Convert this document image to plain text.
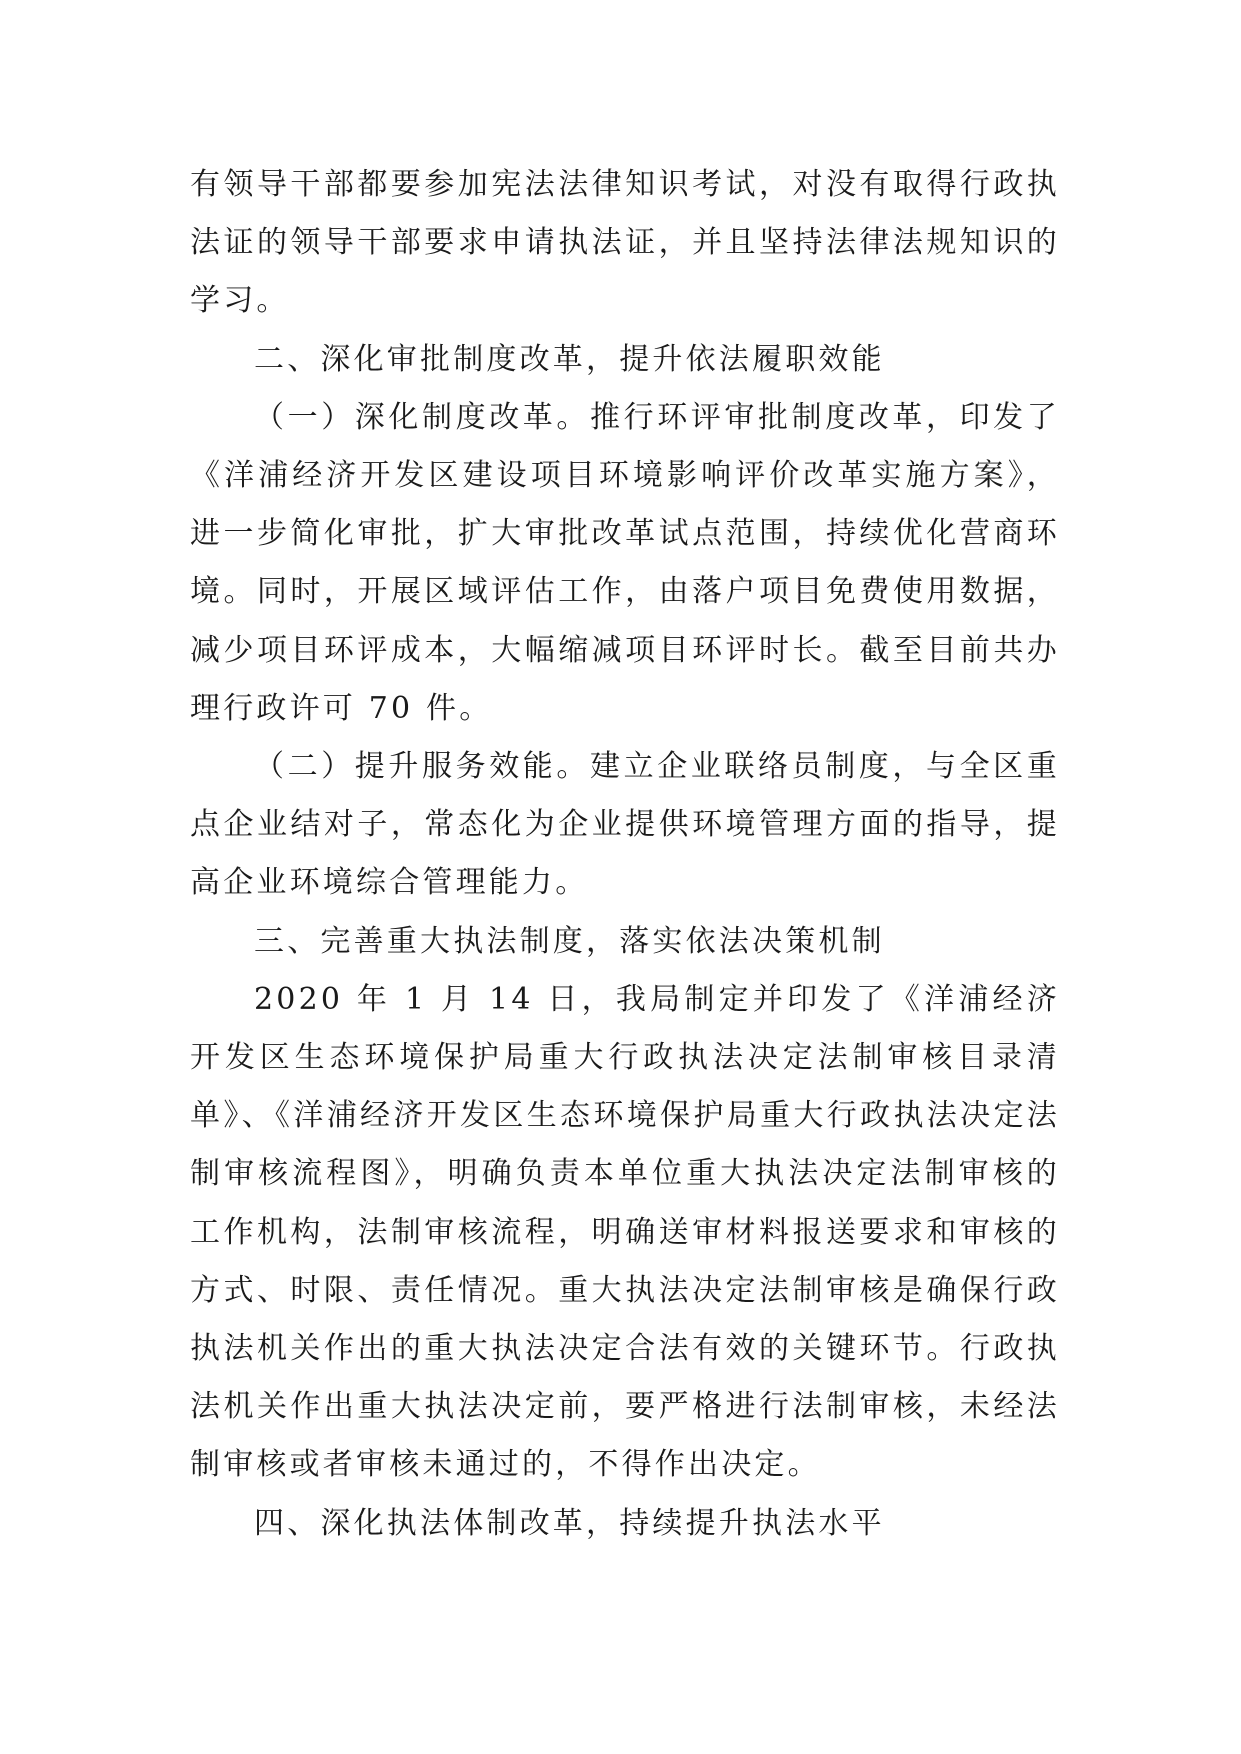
有领导干部都要参加宪法法律知识考试，对没有取得行政执法证的领导干部要求申请执法证，并且坚持法律法规知识的学习。

二、深化审批制度改革，提升依法履职效能

（一）深化制度改革。推行环评审批制度改革，印发了《洋浦经济开发区建设项目环境影响评价改革实施方案》，进一步简化审批，扩大审批改革试点范围，持续优化营商环境。同时，开展区域评估工作，由落户项目免费使用数据，减少项目环评成本，大幅缩减项目环评时长。截至目前共办理行政许可 70 件。

（二）提升服务效能。建立企业联络员制度，与全区重点企业结对子，常态化为企业提供环境管理方面的指导，提高企业环境综合管理能力。

三、完善重大执法制度，落实依法决策机制

2020 年 1 月 14 日，我局制定并印发了《洋浦经济开发区生态环境保护局重大行政执法决定法制审核目录清单》、《洋浦经济开发区生态环境保护局重大行政执法决定法制审核流程图》，明确负责本单位重大执法决定法制审核的工作机构，法制审核流程，明确送审材料报送要求和审核的方式、时限、责任情况。重大执法决定法制审核是确保行政执法机关作出的重大执法决定合法有效的关键环节。行政执法机关作出重大执法决定前，要严格进行法制审核，未经法制审核或者审核未通过的，不得作出决定。

四、深化执法体制改革，持续提升执法水平
